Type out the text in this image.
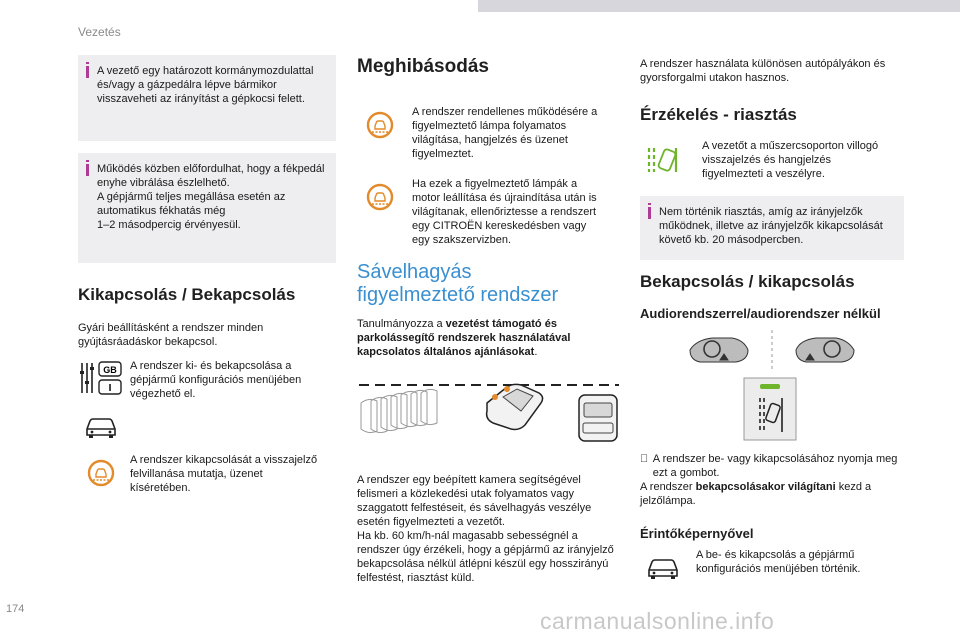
Vezetés
A vezető egy határozott kormánymozdulattal és/vagy a gázpedálra lépve bármikor visszaveheti az irányítást a gépkocsi felett.
Működés közben előfordulhat, hogy a fékpedál enyhe vibrálása észlelhető.
A gépjármű teljes megállása esetén az automatikus fékhatás még
1–2 másodpercig érvényesül.
Kikapcsolás / Bekapcsolás
Gyári beállításként a rendszer minden gyújtásráadáskor bekapcsol.
GB
I
A rendszer ki- és bekapcsolása a gépjármű konfigurációs menüjében végezhető el.
A rendszer kikapcsolását a visszajelző felvillanása mutatja, üzenet kíséretében.
Meghibásodás
A rendszer rendellenes működésére a figyelmeztető lámpa folyamatos világítása, hangjelzés és üzenet figyelmeztet.
Ha ezek a figyelmeztető lámpák a motor leállítása és újraindítása után is világítanak, ellenőriztesse a rendszert egy CITROËN kereskedésben vagy egy szakszervizben.
Sávelhagyás
figyelmeztető rendszer
Tanulmányozza a vezetést támogató és parkolássegítő rendszerek használatával kapcsolatos általános ajánlásokat.
A rendszer egy beépített kamera segítségével felismeri a közlekedési utak folyamatos vagy szaggatott felfestéseit, és sávelhagyás veszélye esetén figyelmezteti a vezetőt.
Ha kb. 60 km/h-nál magasabb sebességnél a rendszer úgy érzékeli, hogy a gépjármű az irányjelző bekapcsolása nélkül átlépni készül egy hosszirányú felfestést, riasztást küld.
A rendszer használata különösen autópályákon és gyorsforgalmi utakon hasznos.
Érzékelés - riasztás
A vezetőt a műszercsoporton villogó visszajelzés és hangjelzés figyelmezteti a veszélyre.
Nem történik riasztás, amíg az irányjelzők működnek, illetve az irányjelzők kikapcsolását követő kb. 20 másodpercben.
Bekapcsolás / kikapcsolás
Audiorendszerrel/audiorendszer nélkül
A rendszer be- vagy kikapcsolásához nyomja meg ezt a gombot.
A rendszer bekapcsolásakor világítani kezd a jelzőlámpa.
Érintőképernyővel
A be- és kikapcsolás a gépjármű konfigurációs menüjében történik.
174	carmanualsonline.info
